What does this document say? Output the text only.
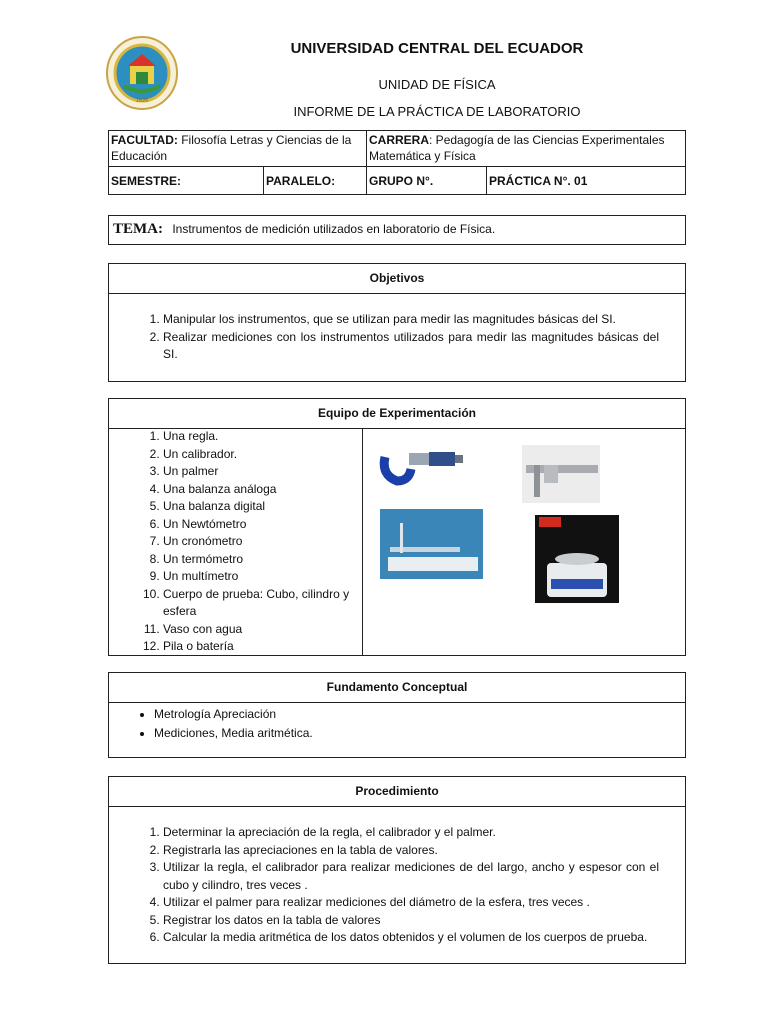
1826
UNIVERSIDAD CENTRAL DEL ECUADOR
UNIDAD DE FÍSICA
INFORME DE LA PRÁCTICA DE LABORATORIO
FACULTAD: Filosofía Letras y Ciencias de la Educación		CARRERA: Pedagogía de las Ciencias Experimentales Matemática y Física	
SEMESTRE:	PARALELO:	GRUPO N°.	PRÁCTICA N°. 01
TEMA: Instrumentos de medición utilizados en laboratorio de Física.
Objetivos
1. Manipular los instrumentos, que se utilizan para medir las magnitudes básicas del SI.
2. Realizar mediciones con los instrumentos utilizados para medir las magnitudes básicas del SI.
Equipo de Experimentación
1. Una regla.
2. Un calibrador.
3. Un palmer
4. Una balanza análoga
5. Una balanza digital
6. Un Newtómetro
7. Un cronómetro
8. Un termómetro
9. Un multímetro
10. Cuerpo de prueba: Cubo, cilindro y esfera
11. Vaso con agua
12. Pila o batería
Fundamento Conceptual
• Metrología Apreciación
• Mediciones, Media aritmética.
Procedimiento
1. Determinar la apreciación de la regla, el calibrador y el palmer.
2. Registrarla las apreciaciones en la tabla de valores.
3. Utilizar la regla, el calibrador para realizar mediciones de del largo, ancho y espesor con el cubo y cilindro, tres veces .
4. Utilizar el palmer para realizar mediciones del diámetro de la esfera, tres veces .
5. Registrar los datos en la tabla de valores
6. Calcular la media aritmética de los datos obtenidos y el volumen de los cuerpos de prueba.
